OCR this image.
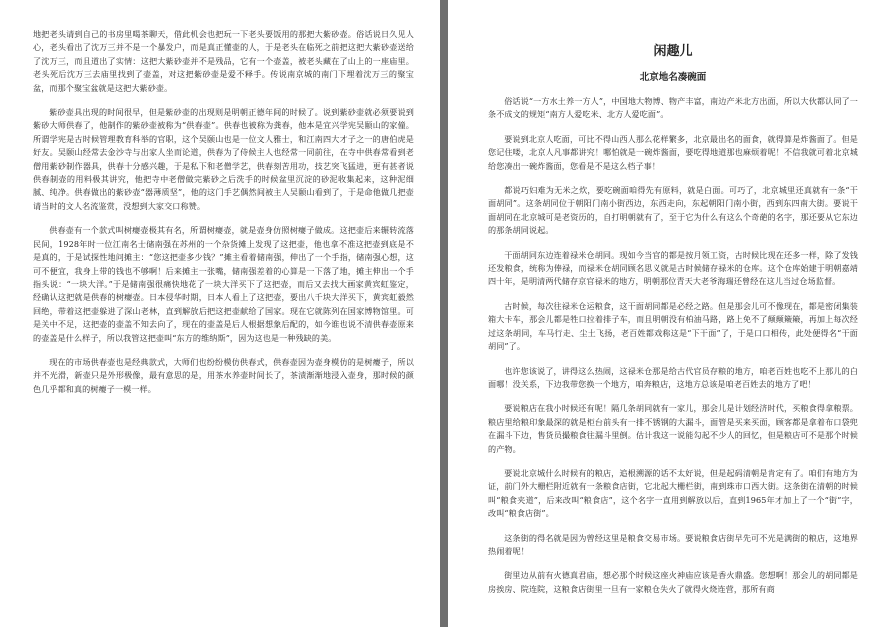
地把老头请到自己的书房里喝茶聊天，借此机会也把玩一下老头要饭用的那把大紫砂壶。俗话说日久见人心，老头看出了沈万三并不是一个暴发户，而是真正懂壶的人，于是老头在临死之前把这把大紫砂壶送给了沈万三，而且道出了实情：这把大紫砂壶并不是残品，它有一个壶盖，被老头藏在了山上的一座庙里。老头死后沈万三去庙里找到了壶盖，对这把紫砂壶是爱不释手。传说南京城的南门下埋着沈万三的聚宝盆，而那个聚宝盆就是这把大紫砂壶。

紫砂壶具出现的时间很早，但是紫砂壶的出现则是明朝正德年间的时候了。说到紫砂壶就必须要说到紫砂大师供春了，他制作的紫砂壶被称为“供春壶”。供春也被称为龚春，他本是宜兴学宪吴颐山的家僮。所谓学宪是古时候管理教育科举的官职，这个吴颐山也是一位文人雅士，和江南四大才子之一的唐伯虎是好友。吴颐山经常去金沙寺与出家人坐而论道，供春为了侍候主人也经常一同前往，在寺中供春常看到老僧用紫砂制作器具，供春十分感兴趣，于是私下和老僧学艺，供春刻苦用功，技艺突飞猛进，更有甚者说供春制壶的用料极其讲究，他把寺中老僧做完紫砂之后洗手的时候盆里沉淀的砂泥收集起来，这种泥细腻、纯净。供春做出的紫砂壶“器薄质坚”，他的这门手艺偶然间被主人吴颐山看到了，于是命他做几把壶请当时的文人名流鉴赏，没想到大家交口称赞。

供春壶有一个款式叫树瘿壶极其有名，所谓树瘿壶，就是壶身仿照树瘿子做成。这把壶后来辗转流落民间，1928年时一位江南名士储南强在苏州的一个杂货摊上发现了这把壶，他也拿不准这把壶到底是不是真的，于是试探性地问摊主：“您这把壶多少钱？”摊主看着储南强，伸出了一个手指，储南强心想，这可不便宜，我身上带的钱也不够啊！后来摊主一张嘴，储南强差着的心算是一下落了地，摊主伸出一个手指头说：“一块大洋。”于是储南强很痛快地花了一块大洋买下了这把壶，而后又去找大画家黄宾虹鉴定，经确认这把就是供春的树瘿壶。日本侵华时期，日本人看上了这把壶，要出八千块大洋买下，黄宾虹毅然回绝，带着这把壶躲进了深山老林，直到解放后把这把壶献给了国家。现在它就陈列在国家博物馆里。可是关中不足，这把壶的壶盖不知去向了，现在的壶盖是后人根据想象后配的，如今谁也说不清供春壶原来的壶盖是什么样子，所以我管这把壶叫“东方的维纳斯”，因为这也是一种残缺的美。

现在的市场供春壶也是经典款式，大师们也纷纷模仿供春式，供春壶因为壶身模仿的是树瘿子，所以并不光滑，新壶只是外形极像，最有意思的是，用茶水养壶时间长了，茶渍渐渐地浸入壶身，那时候的颜色几乎都和真的树瘿子一模一样。

闲趣儿
北京地名凑碗面

俗话说“一方水土养一方人”，中国地大物博、物产丰富，南边产米北方出面，所以大伙都认同了一条不成文的规矩“南方人爱吃米、北方人爱吃面”。

要说到北京人吃面，可比不得山西人那么花样繁多，北京最出名的面食，就得算是炸酱面了。但是您记住喽，北京人凡事都讲究！哪怕就是一碗炸酱面，要吃得地道那也麻烦着呢！不信我就可着北京城给您凑出一碗炸酱面，您看是不是这么档子事！

都说巧妇难为无米之炊，要吃碗面咱得先有原料，就是白面。可巧了，北京城里还真就有一条“干面胡同”。这条胡同位于朝阳门南小街西边，东西走向，东起朝阳门南小街，西到东四南大街。要说干面胡同在北京城可是老资历的，自打明朝就有了，至于它为什么有这么个奇葩的名字，那还要从它东边的那条胡同说起。

干面胡同东边连着禄米仓胡同。现如今当官的都是按月领工资，古时候比现在还多一样，除了发钱还发粮食，统称为俸禄，而禄米仓胡同顾名思义就是古时候储存禄米的仓库。这个仓库始建于明朝嘉靖四十年，是明清两代储存京官禄米的地方，明朝那位青天大老爷海瑞还曾经在这儿当过仓场监督。

古时候，每次往禄米仓运粮食，这干面胡同都是必经之路。但是那会儿可不像现在，都是密闭集装箱大卡车，那会儿都是牲口拉着排子车，而且明朝没有柏油马路，路上免不了颠颠簸簸，再加上每次经过这条胡同，车马行走、尘土飞扬，老百姓都戏称这是“下干面”了，于是口口相传，此处便得名“干面胡同”了。

也许您该说了，讲得这么热闹，这禄米仓那是给古代官员存粮的地方，咱老百姓也吃不上那儿的白面哪！没关系，下边我带您换一个地方，咱奔粮店，这地方总该是咱老百姓去的地方了吧！

要说粮店在我小时候还有呢！隔几条胡同就有一家儿，那会儿是计划经济时代，买粮食得拿粮票。粮店里给粮印象最深的就是柜台前头有一排不锈钢的大漏斗，面管是买来买面，顾客都是拿着布口袋兜在漏斗下边，售货员撮粮食往漏斗里倒。估计我这一说能勾起不少人的回忆，但是粮店可不是那个时候的产物。

要说北京城什么时候有的粮店，追根溯源的话不太好说，但是起码清朝是肯定有了。咱们有地方为证，前门外大栅栏附近就有一条粮食店街，它北起大栅栏街，南到珠市口西大街。这条街在清朝的时候叫“粮食夹道”，后来改叫“粮食店”，这个名字一直用到解放以后，直到1965年才加上了一个“街”字，改叫“粮食店街”。

这条街的得名就是因为曾经这里是粮食交易市场。要说粮食店街早先可不光是满街的粮店，这地界热闹着呢！

街里边从前有火德真君庙，想必那个时候这座火神庙应该是香火鼎盛。您想啊！那会儿的胡同都是房挨房、院连院，这粮食店街里一旦有一家粮仓失火了就得火烧连营，那所有商
